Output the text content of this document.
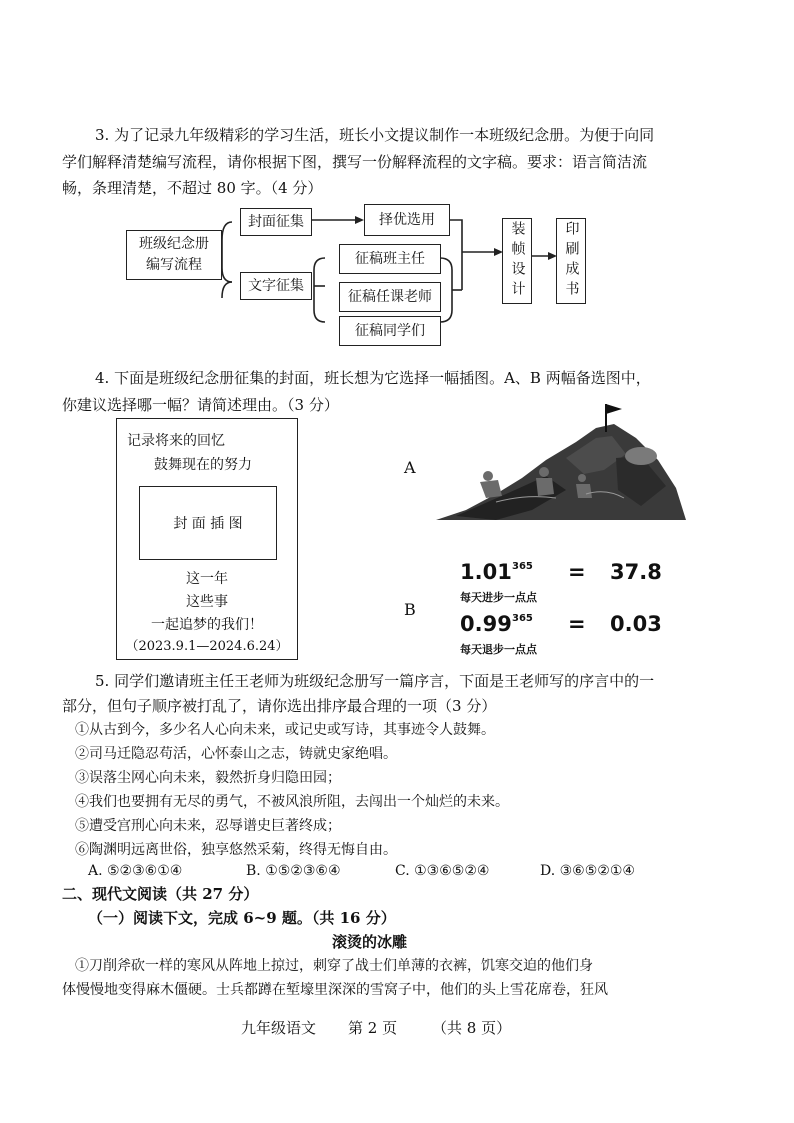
3. 为了记录九年级精彩的学习生活，班长小文提议制作一本班级纪念册。为便于向同
学们解释清楚编写流程，请你根据下图，撰写一份解释流程的文字稿。要求：语言简洁流
畅，条理清楚，不超过 80 字。（4 分）
班级纪念册
编写流程
封面征集	择优选用
文字征集
征稿班主任
征稿任课老师
征稿同学们
装帧设计	印刷成书
4. 下面是班级纪念册征集的封面，班长想为它选择一幅插图。A、B 两幅备选图中，
你建议选择哪一幅？请简述理由。（3 分）
记录将来的回忆
鼓舞现在的努力
封 面 插 图
这一年
这些事
一起追梦的我们！
（2023.9.1—2024.6.24）
A
B
1.01 365 = 37.8
每天进步一点点
0.99 365 = 0.03
每天退步一点点
5. 同学们邀请班主任王老师为班级纪念册写一篇序言，下面是王老师写的序言中的一
部分，但句子顺序被打乱了，请你选出排序最合理的一项（3 分）
①从古到今，多少名人心向未来，或记史或写诗，其事迹令人鼓舞。
②司马迁隐忍苟活，心怀泰山之志，铸就史家绝唱。
③误落尘网心向未来，毅然折身归隐田园；
④我们也要拥有无尽的勇气，不被风浪所阻，去闯出一个灿烂的未来。
⑤遭受宫刑心向未来，忍辱谱史巨著终成；
⑥陶渊明远离世俗，独享悠然采菊，终得无悔自由。
A. ⑤②③⑥①④	B. ①⑤②③⑥④	C. ①③⑥⑤②④	D. ③⑥⑤②①④
二、现代文阅读（共 27 分）
（一）阅读下文，完成 6~9 题。（共 16 分）
滚烫的冰雕
①刀削斧砍一样的寒风从阵地上掠过，刺穿了战士们单薄的衣裤，饥寒交迫的他们身
体慢慢地变得麻木僵硬。士兵都蹲在堑壕里深深的雪窝子中，他们的头上雪花席卷，狂风
九年级语文 第 2 页 （共 8 页）
